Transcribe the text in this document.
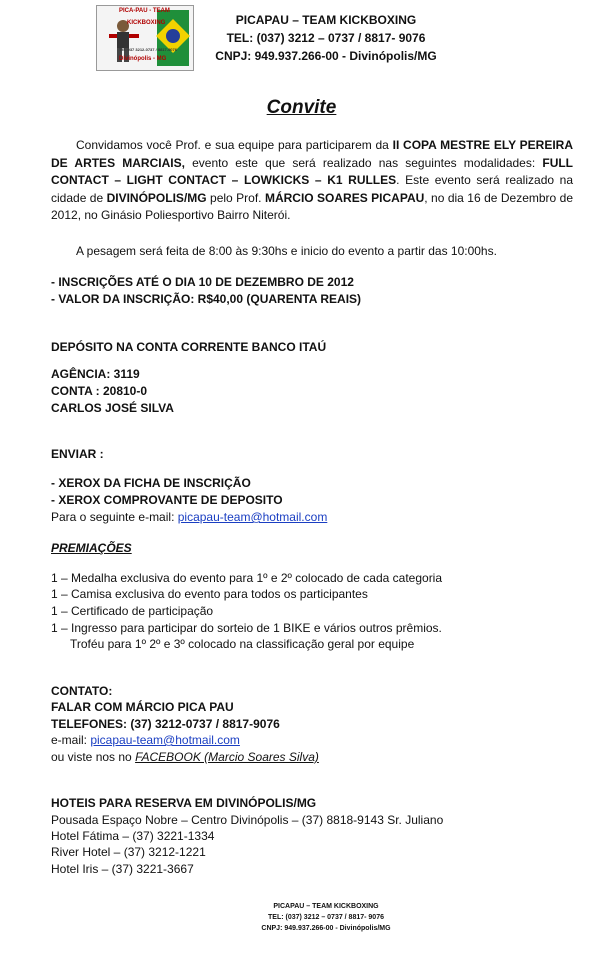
PICA-PAU - TEAM
KICKBOXING
TEL 037 3212-0737 / 8817-9076
Divinópolis - MG
PICAPAU – TEAM KICKBOXING
TEL: (037) 3212 – 0737 / 8817- 9076
CNPJ: 949.937.266-00 - Divinópolis/MG
Convite
Convidamos você Prof. e sua equipe para participarem da II COPA MESTRE ELY PEREIRA DE ARTES MARCIAIS, evento este que será realizado nas seguintes modalidades: FULL CONTACT – LIGHT CONTACT – LOWKICKS – K1 RULLES. Este evento será realizado na cidade de DIVINÓPOLIS/MG pelo Prof. MÁRCIO SOARES PICAPAU, no dia 16 de Dezembro de 2012, no Ginásio Poliesportivo Bairro Niterói.
A pesagem será feita de 8:00 às 9:30hs e inicio do evento a partir das 10:00hs.
- INSCRIÇÕES ATÉ O DIA 10 DE DEZEMBRO DE 2012
- VALOR DA INSCRIÇÃO: R$40,00 (QUARENTA REAIS)
DEPÓSITO NA CONTA CORRENTE BANCO ITAÚ
AGÊNCIA: 3119
CONTA : 20810-0
CARLOS JOSÉ SILVA
ENVIAR :
- XEROX DA FICHA DE INSCRIÇÃO
- XEROX COMPROVANTE DE DEPOSITO
Para o seguinte e-mail: picapau-team@hotmail.com
PREMIAÇÕES
1 – Medalha exclusiva do evento para 1º e 2º colocado de cada categoria
1 – Camisa exclusiva do evento para todos os participantes
1 – Certificado de participação
1 – Ingresso para participar do sorteio de 1 BIKE e vários outros prêmios.
Troféu para 1º 2º e 3º colocado na classificação geral por equipe
CONTATO:
FALAR COM MÁRCIO PICA PAU
TELEFONES: (37) 3212-0737 / 8817-9076
e-mail: picapau-team@hotmail.com
ou viste nos no FACEBOOK (Marcio Soares Silva)
HOTEIS PARA RESERVA EM DIVINÓPOLIS/MG
Pousada Espaço Nobre – Centro Divinópolis – (37) 8818-9143 Sr. Juliano
Hotel Fátima – (37) 3221-1334
River Hotel – (37) 3212-1221
Hotel Iris – (37) 3221-3667
PICAPAU – TEAM KICKBOXING
TEL: (037) 3212 – 0737 / 8817- 9076
CNPJ: 949.937.266-00 - Divinópolis/MG
